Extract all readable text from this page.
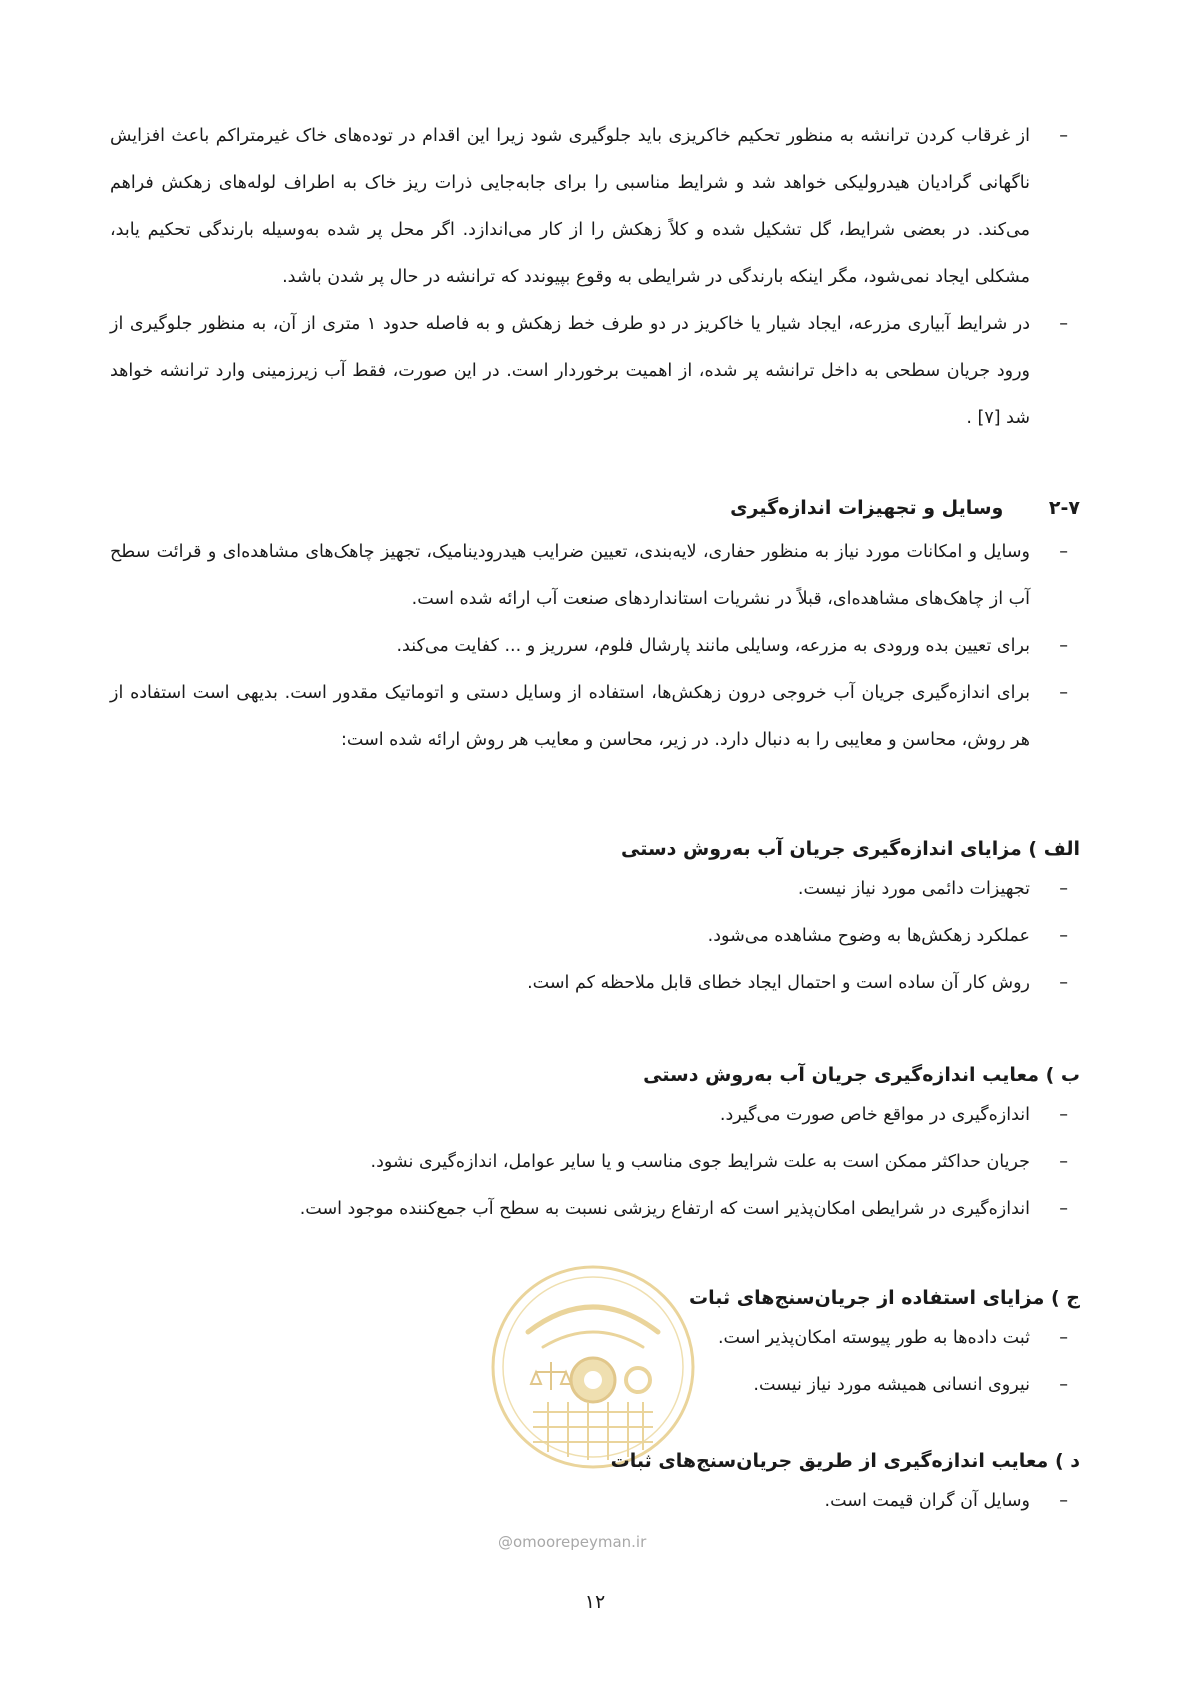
–
از غرقاب کردن ترانشه به منظور تحکیم خاکریزی باید جلوگیری شود زیرا این اقدام در توده‌های خاک غیرمتراکم باعث افزایش ناگهانی گرادیان هیدرولیکی خواهد شد و شرایط مناسبی را برای جابه‌جایی ذرات ریز خاک به اطراف لوله‌های زهکش فراهم می‌کند. در بعضی شرایط، گل تشکیل شده و کلاً زهکش را از کار می‌اندازد. اگر محل پر شده به‌وسیله بارندگی تحکیم یابد، مشکلی ایجاد نمی‌شود، مگر اینکه بارندگی در شرایطی به وقوع بپیوندد که ترانشه در حال پر شدن باشد.
–
در شرایط آبیاری مزرعه، ایجاد شیار یا خاکریز در دو طرف خط زهکش و به فاصله حدود ۱ متری از آن، به منظور جلوگیری از ورود جریان سطحی به داخل ترانشه پر شده، از اهمیت برخوردار است. در این صورت، فقط آب زیرزمینی وارد ترانشه خواهد شد [۷] .
۲-۷ وسایل و تجهیزات اندازه‌گیری
–
وسایل و امکانات مورد نیاز به منظور حفاری، لایه‌بندی، تعیین ضرایب هیدرودینامیک، تجهیز چاهک‌های مشاهده‌ای و قرائت سطح آب از چاهک‌های مشاهده‌ای، قبلاً در نشریات استانداردهای صنعت آب ارائه شده است.
–
برای تعیین بده ورودی به مزرعه، وسایلی مانند پارشال فلوم، سرریز و ... کفایت می‌کند.
–
برای اندازه‌گیری جریان آب خروجی درون زهکش‌ها، استفاده از وسایل دستی و اتوماتیک مقدور است. بدیهی است استفاده از هر روش، محاسن و معایبی را به دنبال دارد. در زیر، محاسن و معایب هر روش ارائه شده است:
الف ) مزایای اندازه‌گیری جریان آب به‌روش دستی
–
تجهیزات دائمی مورد نیاز نیست.
–
عملکرد زهکش‌ها به وضوح مشاهده می‌شود.
–
روش کار آن ساده است و احتمال ایجاد خطای قابل ملاحظه کم است.
ب ) معایب اندازه‌گیری جریان آب به‌روش دستی
–
اندازه‌گیری در مواقع خاص صورت می‌گیرد.
–
جریان حداکثر ممکن است به علت شرایط جوی مناسب و یا سایر عوامل، اندازه‌گیری نشود.
–
اندازه‌گیری در شرایطی امکان‌پذیر است که ارتفاع ریزشی نسبت به سطح آب جمع‌کننده موجود است.
ج ) مزایای استفاده از جریان‌سنج‌های ثبات
–
ثبت داده‌ها به طور پیوسته امکان‌پذیر است.
–
نیروی انسانی همیشه مورد نیاز نیست.
د ) معایب اندازه‌گیری از طریق جریان‌سنج‌های ثبات
–
وسایل آن گران قیمت است.
@omoorepeyman.ir
۱۲
